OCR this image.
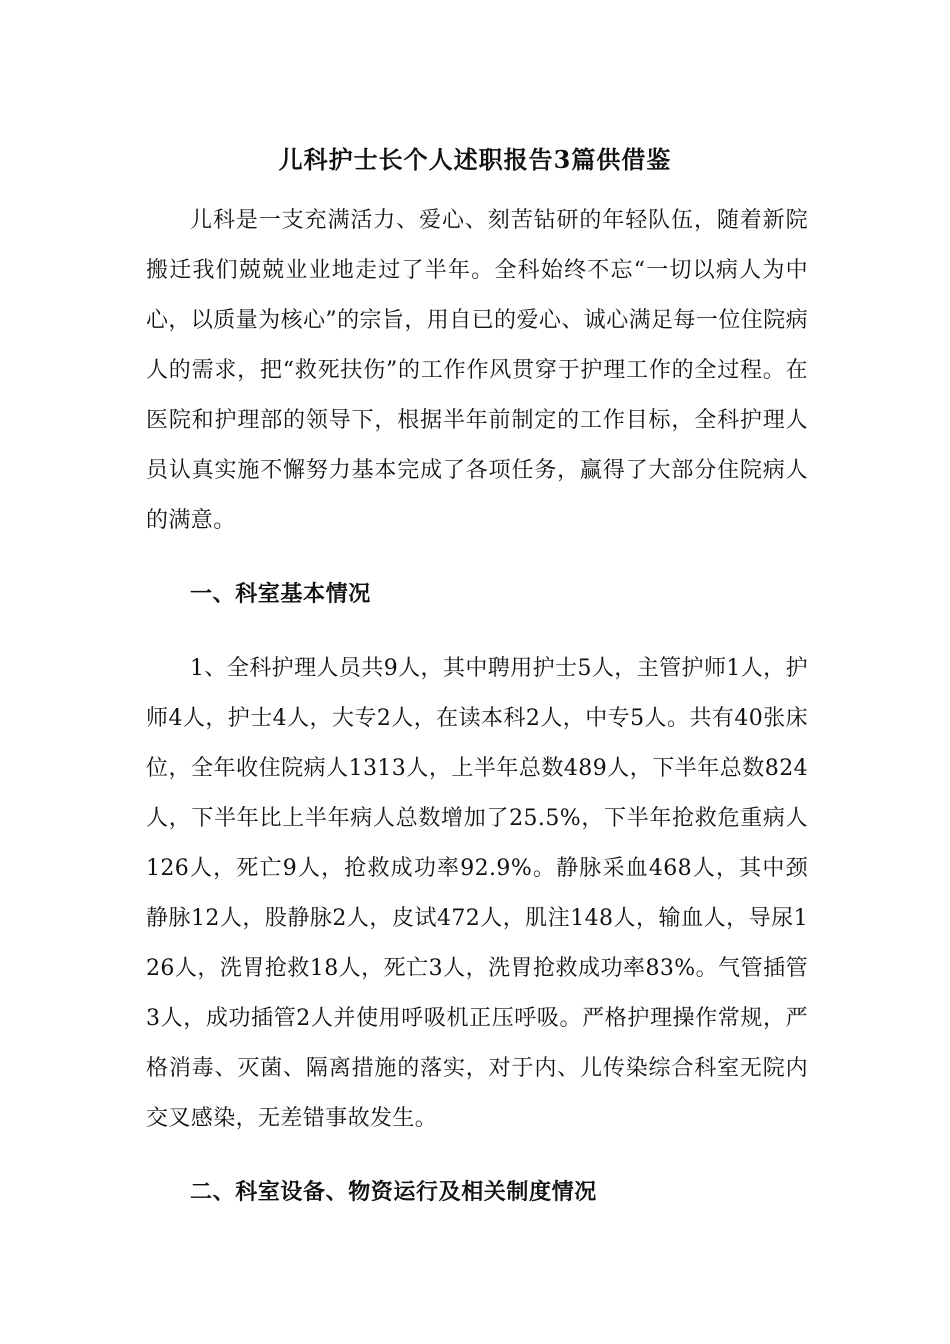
儿科护士长个人述职报告3篇供借鉴

儿科是一支充满活力、爱心、刻苦钻研的年轻队伍，随着新院搬迁我们兢兢业业地走过了半年。全科始终不忘“一切以病人为中心，以质量为核心”的宗旨，用自已的爱心、诚心满足每一位住院病人的需求，把“救死扶伤”的工作作风贯穿于护理工作的全过程。在医院和护理部的领导下，根据半年前制定的工作目标，全科护理人员认真实施不懈努力基本完成了各项任务，赢得了大部分住院病人的满意。

一、科室基本情况

1、全科护理人员共9人，其中聘用护士5人，主管护师1人，护师4人，护士4人，大专2人，在读本科2人，中专5人。共有40张床位，全年收住院病人1313人，上半年总数489人，下半年总数824人，下半年比上半年病人总数增加了25.5%，下半年抢救危重病人126人，死亡9人，抢救成功率92.9%。静脉采血468人，其中颈静脉12人，股静脉2人，皮试472人，肌注148人，输血人，导尿126人，洗胃抢救18人，死亡3人，洗胃抢救成功率83%。气管插管3人，成功插管2人并使用呼吸机正压呼吸。严格护理操作常规，严格消毒、灭菌、隔离措施的落实，对于内、儿传染综合科室无院内交叉感染，无差错事故发生。

二、科室设备、物资运行及相关制度情况
